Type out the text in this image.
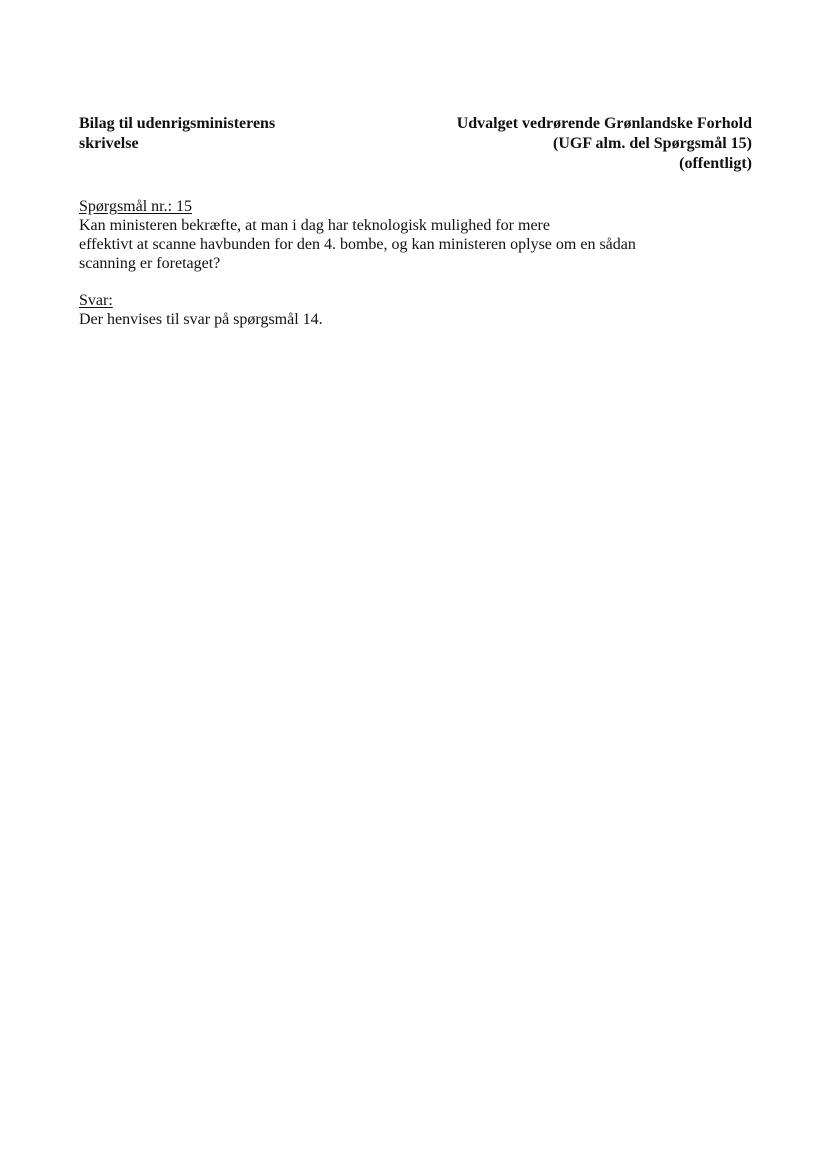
Bilag til udenrigsministerens
skrivelse
Udvalget vedrørende Grønlandske Forhold
(UGF alm. del Spørgsmål 15)
(offentligt)
Spørgsmål nr.: 15
Kan ministeren bekræfte, at man i dag har teknologisk mulighed for mere
effektivt at scanne havbunden for den 4. bombe, og kan ministeren oplyse om en sådan
scanning er foretaget?
Svar:
Der henvises til svar på spørgsmål 14.
